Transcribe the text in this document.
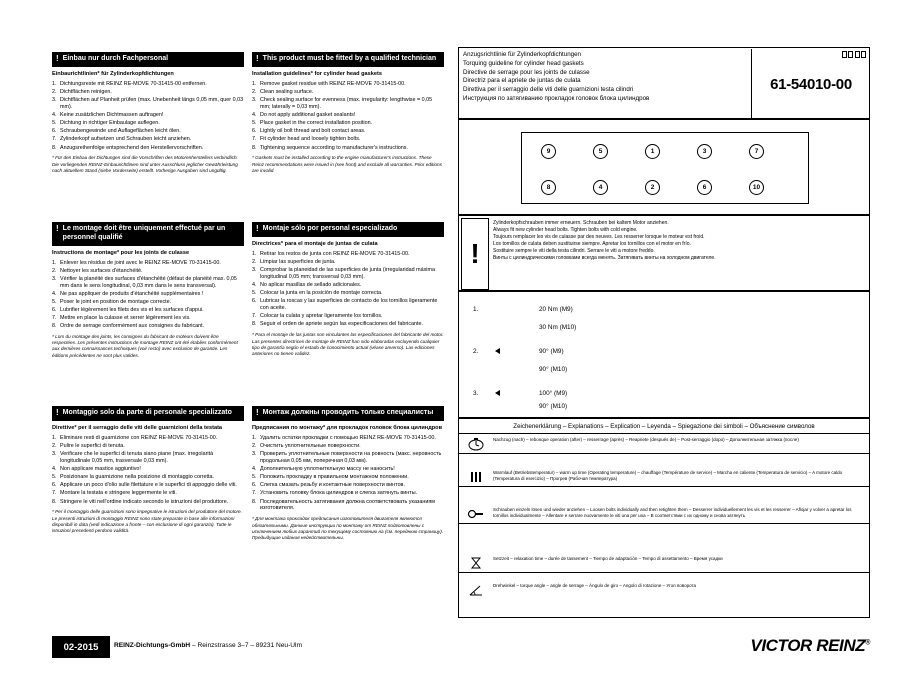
! Einbau nur durch Fachpersonal
Einbaurichtlinien* für Zylinderkopfdichtungen
1. Dichtungsreste mit REINZ RE-MOVE 70-31415-00 entfernen.
2. Dichtflächen reinigen.
3. Dichtflächen auf Planheit prüfen (max. Unebenheit längs 0,05 mm, quer 0,03 mm).
4. Keine zusätzlichen Dichtmassen auftragen!
5. Dichtung in richtiger Einbaulage auflegen.
6. Schraubengewinde und Auflageflächen leicht ölen.
7. Zylinderkopf aufsetzen und Schrauben leicht anziehen.
8. Anzugsreihenfolge entsprechend den Herstellervorschriften.
* Für den Einbau der Dichtungen sind die Vorschriften des Motorenherstellers verbindlich. Die vorliegenden REINZ-Einbaurichtlinien sind unter Ausschluss jeglicher Gewährleistung nach aktuellem Stand (siehe Vorderseite) erstellt. Vorherige Ausgaben sind ungültig.
! This product must be fitted by a qualified technician
Installation guidelines* for cylinder head gaskets
1. Remove gasket residue with REINZ RE-MOVE 70-31415-00.
2. Clean sealing surface.
3. Check sealing surface for evenness (max. irregularity: lengthwise = 0,05 mm; laterally = 0,03 mm).
4. Do not apply additional gasket sealants!
5. Place gasket in the correct installation position.
6. Lightly oil bolt thread and bolt contact areas.
7. Fit cylinder head and loosely tighten bolts.
8. Tightening sequence according to manufacturer's instructions.
* Gaskets must be installed according to the engine manufacturer's instructions. These Reinz recommendations were issued in (see front) and exclude all warranties. Prior editions are invalid.
! Le montage doit être uniquement effectué par un personnel qualifié
Instructions de montage* pour les joints de culasse
1. Enlever les résidus de joint avec le REINZ RE-MOVE 70-31415-00.
2. Nettoyer les surfaces d'étanchéité.
3. Vérifier la planéité des surfaces d'étanchéité (défaut de planéité max. 0,05 mm dans le sens longitudinal, 0,03 mm dans le sens transversal).
4. Ne pas appliquer de produits d'étanchéité supplémentaires !
5. Poser le joint en position de montage correcte.
6. Lubrifier légèrement les filets des vis et les surfaces d'appui.
7. Mettre en place la culasse et serrer légèrement les vis.
8. Ordre de serrage conformément aux consignes du fabricant.
* Lors du montage des joints, les consignes du fabricant de moteurs doivent être respectées. Les présentes instructions de montage REINZ ont été établies conformément aux dernières connaissances techniques (voir recto) avec exclusion de garantie. Les éditions précédentes ne sont plus valides.
! Montaje sólo por personal especializado
Directrices* para el montaje de juntas de culata
1. Retirar los restos de junta con REINZ RE-MOVE 70-31415-00.
2. Limpiar las superficies de junta.
3. Comprobar la planeidad de las superficies de junta (irregularidad máxima longitudinal 0,05 mm; transversal 0,03 mm).
4. No aplicar masillas de sellado adicionales.
5. Colocar la junta en la posición de montaje correcta.
6. Lubricar la roscas y las superficies de contacto de los tornillos ligeramente con aceite.
7. Colocar la culata y apretar ligeramente los tornillos.
8. Seguir el orden de apriete según las especificaciones del fabricante.
* Para el montaje de las juntas son vinculantes las especificaciones del fabricante del motor. Las presentes directrices de montaje de REINZ han sido elaboradas excluyendo cualquier tipo de garantía según el estado de conocimiento actual (véase anverso). Las ediciones anteriores no tienen validez.
! Montaggio solo da parte di personale specializzato
Direttive* per il serraggio delle viti delle guarnizioni della testata
1. Eliminare resti di guarnizione con REINZ RE-MOVE 70-31415-00.
2. Pulire le superfici di tenuta.
3. Verificare che le superfici di tenuta siano piane (max. irregolarità longitudinale 0,05 mm, trasversale 0,03 mm).
4. Non applicare mastice aggiuntivo!
5. Posizionare la guarnizione nella posizione di montaggio corretta.
6. Applicare un poco d'olio sulle filettature e le superfici di appoggio delle viti.
7. Montare la testata e stringere leggermente le viti.
8. Stringere le viti nell'ordine indicato secondo le istruzioni del produttore.
* Per il montaggio delle guarnizioni sono impegnative le istruzioni del produttore del motore. Le presenti istruzioni di montaggio REINZ sono state preparate in base alle informazioni disponibili in data (vedi indicazione a fronte – con esclusione di ogni garanzia). Tutte le istruzioni precedenti perdono validità.
! Монтаж должны проводить только специалисты
Предписания по монтажу* для прокладок головок блока цилиндров
1. Удалить остатки прокладки с помощью REINZ RE-MOVE 70-31415-00.
2. Очистить уплотнительные поверхности.
3. Проверить уплотнительные поверхности на ровность (макс. неровность продольная 0,05 мм, поперечная 0,03 мм).
4. Дополнительную уплотнительную массу не наносить!
5. Положить прокладку в правильном монтажном положении.
6. Слегка смазать резьбу и контактные поверхности винтов.
7. Установить головку блока цилиндров и слегка затянуть винты.
8. Последовательность затягивания должна соответствовать указаниям изготовителя.
* Для монтажа прокладок предписания изготовителя двигателя являются обязательными. Данные инструкции по монтажу от REINZ подготовлены с исключением любых гарантий по текущему состоянию на (см. переднюю страницу). Предыдущие издания недействительны.
Anzugsrichtlinie für Zylinderkopfdichtungen
Torquing guideline for cylinder head gaskets
Directive de serrage pour les joints de culasse
Directriz para el apriete de juntas de culata
Direttiva per il serraggio delle viti delle guarnizioni testa cilindri
Инструкция по затягиванию прокладок головок блока цилиндров
61-54010-00
9	5	1	3	7
8	4	2	6	10
!
Zylinderkopfschrauben immer erneuern. Schrauben bei kaltem Motor anziehen.
Always fit new cylinder head bolts. Tighten bolts with cold engine.
Toujours remplacer les vis de culasse par des neuves. Les resserrer lorsque le moteur est froid.
Los tornillos de culata deben sustituirse siempre. Apretar los tornillos con el motor en frío.
Sostituire sempre le viti della testa cilindri. Serrare le viti a motore freddo.
Винты с цилиндрическими головками всегда менять. Затягивать винты на холодном двигателе.
1.	20 Nm (M9)
30 Nm (M10)
2.	90° (M9)
90° (M10)
3.	100° (M9)
90° (M10)
Zeichenerklärung – Explanations – Explication – Leyenda – Spiegazione dei simboli – Объяснение символов
Nachzug (nach) – rebonque operation (after) – resserrage (après) – Reapriete (después de) – Post-serraggio (dopo) – Дополнительная затяжка (после)
Warmlauf (Betriebstemperatur) – warm up time (Operating temperature) – chauffage (Température de service) – Marcha en caliente (Temperatura de servicio) – A motore caldo (Temperatura di esercizio) – Прогрев (Рабочая температура)
Schrauben einzeln lösen und wieder anziehen – Loosen bolts individually and then retighten them – Desserrer individuellement les vis et les resserrer – Aflojar y volver a apretar los tornillos individualmente – Allentare e serrare nuovamente le viti una per una – В соответствии с их одному и снова затянуть
Setzzeit – relaxation time – durée de tassement – Tiempo de adaptación – Tempo di assettamento – Время усадки
Drehwinkel – torque angle – angle de serrage – Ángulo de giro – Angolo di rotazione – Угол поворота
02-2015	REINZ-Dichtungs-GmbH – Reinzstrasse 3–7 – 89231 Neu-Ulm	VICTOR REINZ®
